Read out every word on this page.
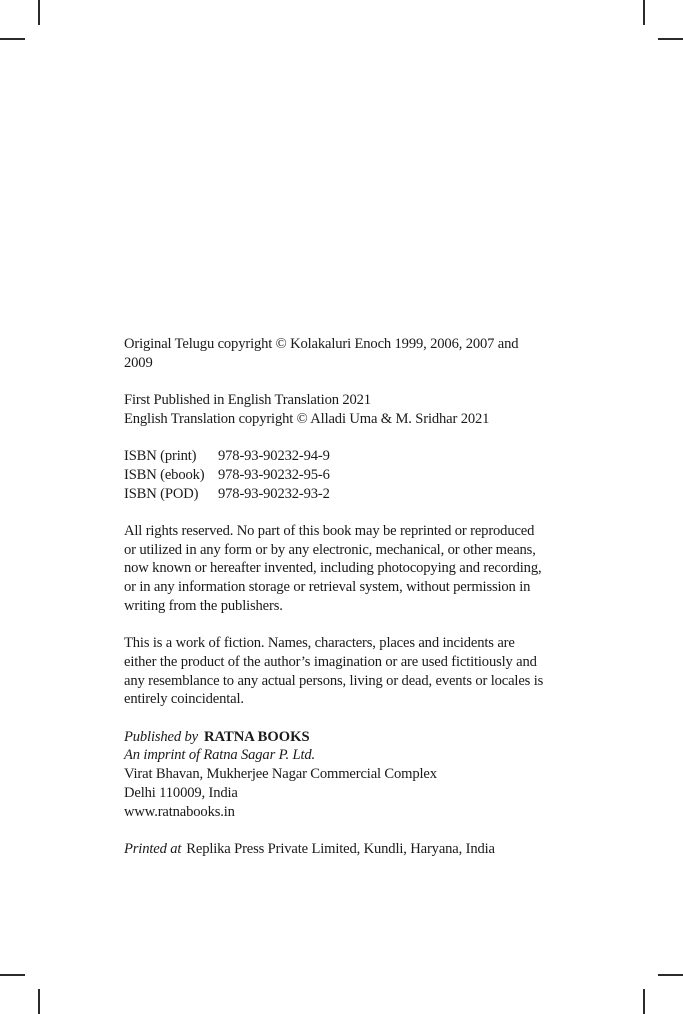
Original Telugu copyright © Kolakaluri Enoch 1999, 2006, 2007 and
2009
First Published in English Translation 2021
English Translation copyright © Alladi Uma & M. Sridhar 2021
ISBN (print) 978-93-90232-94-9
ISBN (ebook) 978-93-90232-95-6
ISBN (POD) 978-93-90232-93-2
All rights reserved. No part of this book may be reprinted or reproduced
or utilized in any form or by any electronic, mechanical, or other means,
now known or hereafter invented, including photocopying and recording,
or in any information storage or retrieval system, without permission in
writing from the publishers.
This is a work of fiction. Names, characters, places and incidents are
either the product of the author’s imagination or are used fictitiously and
any resemblance to any actual persons, living or dead, events or locales is
entirely coincidental.
Published by RATNA BOOKS
An imprint of Ratna Sagar P. Ltd.
Virat Bhavan, Mukherjee Nagar Commercial Complex
Delhi 110009, India
www.ratnabooks.in
Printed at Replika Press Private Limited, Kundli, Haryana, India
